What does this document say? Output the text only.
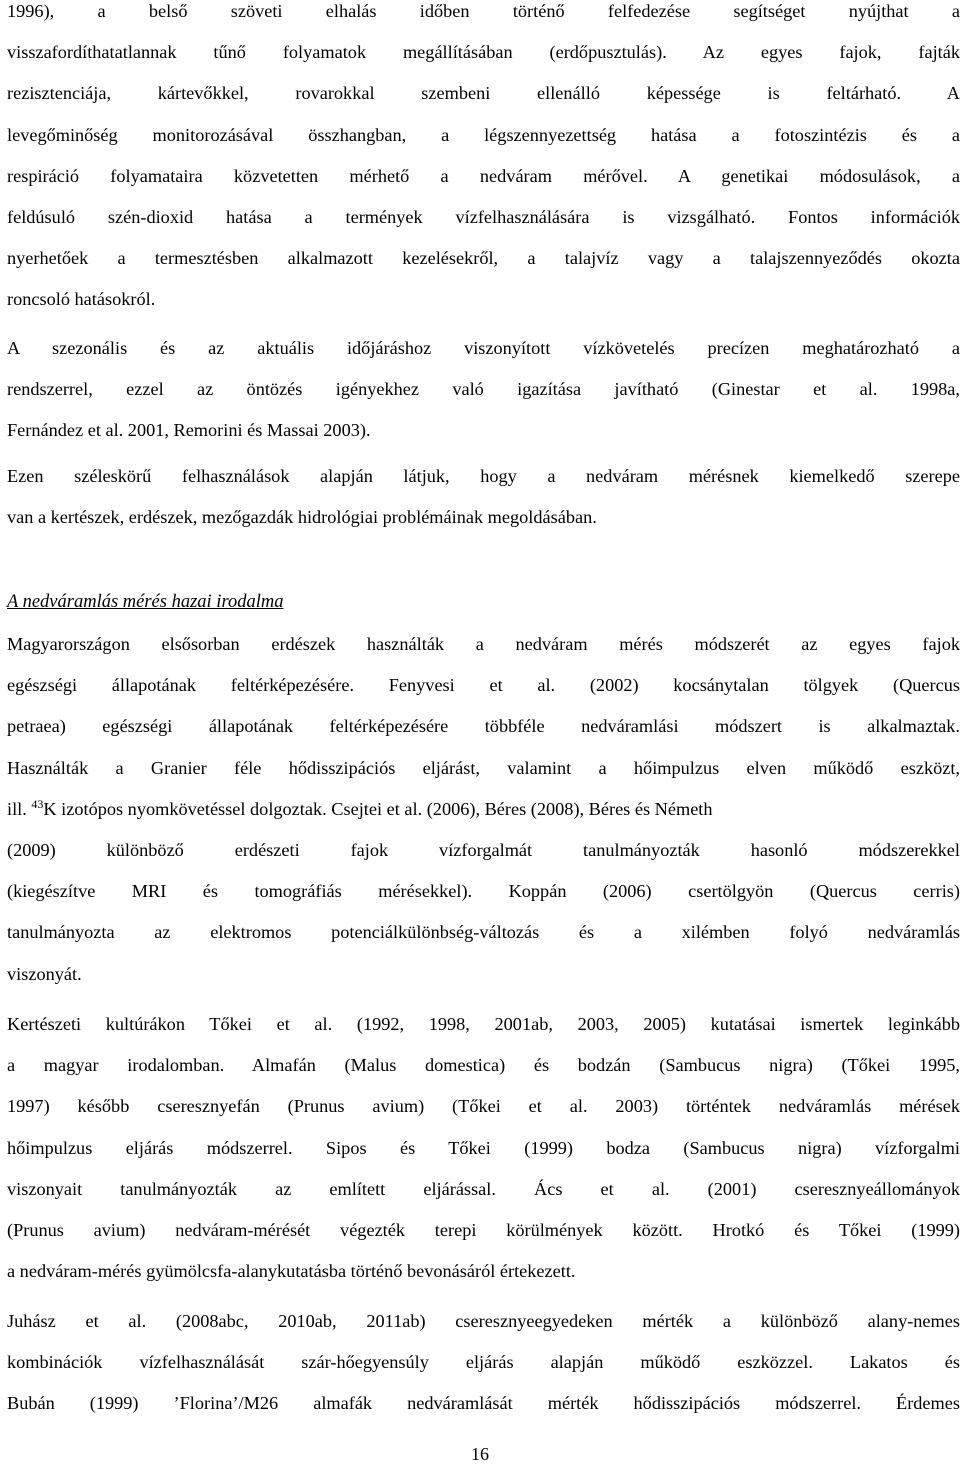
1996), a belső szöveti elhalás időben történő felfedezése segítséget nyújthat a
visszafordíthatatlannak tűnő folyamatok megállításában (erdőpusztulás). Az egyes fajok, fajták
rezisztenciája, kártevőkkel, rovarokkal szembeni ellenálló képessége is feltárható. A
levegőminőség monitorozásával összhangban, a légszennyezettség hatása a fotoszintézis és a
respiráció folyamataira közvetetten mérhető a nedváram mérővel. A genetikai módosulások, a
feldúsuló szén-dioxid hatása a termények vízfelhasználására is vizsgálható. Fontos információk
nyerhetőek a termesztésben alkalmazott kezelésekről, a talajvíz vagy a talajszennyeződés okozta
roncsoló hatásokról.
A szezonális és az aktuális időjáráshoz viszonyított vízkövetelés precízen meghatározható a
rendszerrel, ezzel az öntözés igényekhez való igazítása javítható (Ginestar et al. 1998a,
Fernández et al. 2001, Remorini és Massai 2003).
Ezen széleskörű felhasználások alapján látjuk, hogy a nedváram mérésnek kiemelkedő szerepe
van a kertészek, erdészek, mezőgazdák hidrológiai problémáinak megoldásában.
A nedváramlás mérés hazai irodalma
Magyarországon elsősorban erdészek használták a nedváram mérés módszerét az egyes fajok
egészségi állapotának feltérképezésére. Fenyvesi et al. (2002) kocsánytalan tölgyek (Quercus
petraea) egészségi állapotának feltérképezésére többféle nedváramlási módszert is alkalmaztak.
Használták a Granier féle hődisszipációs eljárást, valamint a hőimpulzus elven működő eszközt,
ill. $^{43}$K izotópos nyomkövetéssel dolgoztak. Csejtei et al. (2006), Béres (2008), Béres és Németh
(2009) különböző erdészeti fajok vízforgalmát tanulmányozták hasonló módszerekkel
(kiegészítve MRI és tomográfiás mérésekkel). Koppán (2006) csertölgyön (Quercus cerris)
tanulmányozta az elektromos potenciálkülönbség-változás és a xilémben folyó nedváramlás
viszonyát.
Kertészeti kultúrákon Tőkei et al. (1992, 1998, 2001ab, 2003, 2005) kutatásai ismertek leginkább
a magyar irodalomban. Almafán (Malus domestica) és bodzán (Sambucus nigra) (Tőkei 1995,
1997) később cseresznyefán (Prunus avium) (Tőkei et al. 2003) történtek nedváramlás mérések
hőimpulzus eljárás módszerrel. Sipos és Tőkei (1999) bodza (Sambucus nigra) vízforgalmi
viszonyait tanulmányozták az említett eljárással. Ács et al. (2001) cseresznyeállományok
(Prunus avium) nedváram-mérését végezték terepi körülmények között. Hrotkó és Tőkei (1999)
a nedváram-mérés gyümölcsfa-alanykutatásba történő bevonásáról értekezett.
Juhász et al. (2008abc, 2010ab, 2011ab) cseresznyeegyedeken mérték a különböző alany-nemes
kombinációk vízfelhasználását szár-hőegyensúly eljárás alapján működő eszközzel. Lakatos és
Bubán (1999) ’Florina’/M26 almafák nedváramlását mérték hődisszipációs módszerrel. Érdemes
16
